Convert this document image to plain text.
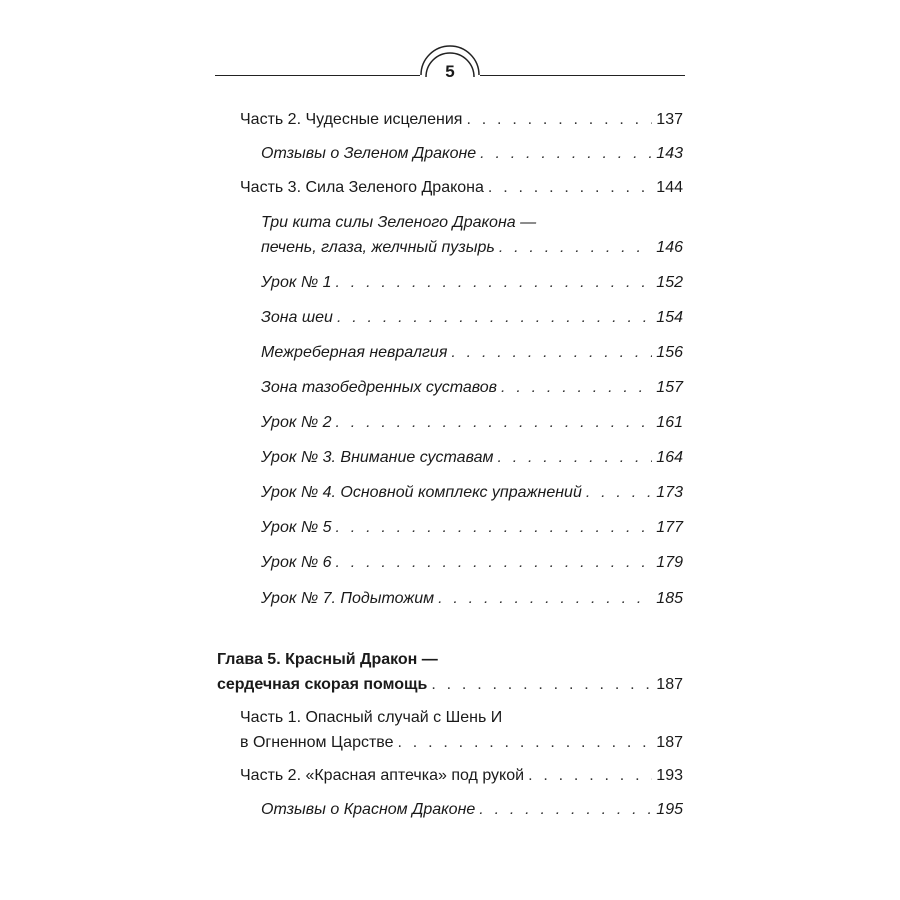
5
Часть 2. Чудесные исцеления . . .	137
Отзывы о Зеленом Драконе . . .	143
Часть 3. Сила Зеленого Дракона . . .	144
Три кита силы Зеленого Дракона —
печень, глаза, желчный пузырь . . .	146
Урок № 1 . . .	152
Зона шеи . . .	154
Межреберная невралгия . . .	156
Зона тазобедренных суставов . . .	157
Урок № 2 . . .	161
Урок № 3. Внимание суставам . . .	164
Урок № 4. Основной комплекс упражнений . . .	173
Урок № 5 . . .	177
Урок № 6 . . .	179
Урок № 7. Подытожим . . .	185
Глава 5. Красный Дракон —
сердечная скорая помощь . . .	187
Часть 1. Опасный случай с Шень И
в Огненном Царстве . . .	187
Часть 2. «Красная аптечка» под рукой . . .	193
Отзывы о Красном Драконе . . .	195
